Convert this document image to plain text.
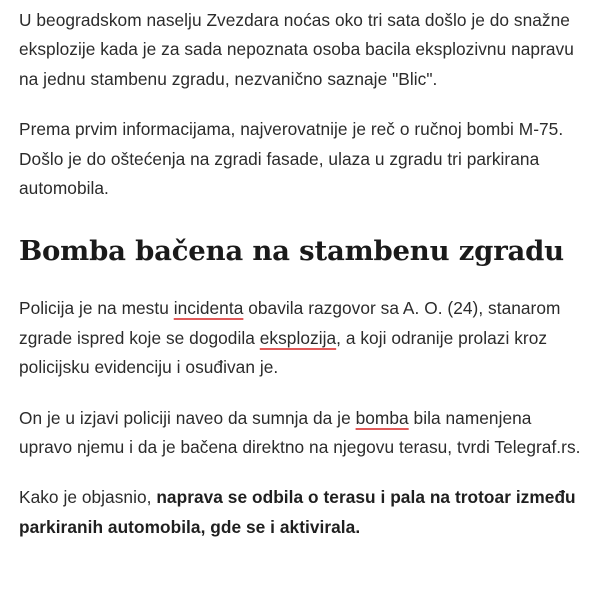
U beogradskom naselju Zvezdara noćas oko tri sata došlo je do snažne eksplozije kada je za sada nepoznata osoba bacila eksplozivnu napravu na jednu stambenu zgradu, nezvanično saznaje "Blic".

Prema prvim informacijama, najverovatnije je reč o ručnoj bombi M-75. Došlo je do oštećenja na zgradi fasade, ulaza u zgradu tri parkirana automobila.

Bomba bačena na stambenu zgradu

Policija je na mestu incidenta obavila razgovor sa A. O. (24), stanarom zgrade ispred koje se dogodila eksplozija, a koji odranije prolazi kroz policijsku evidenciju i osuđivan je.

On je u izjavi policiji naveo da sumnja da je bomba bila namenjena upravo njemu i da je bačena direktno na njegovu terasu, tvrdi Telegraf.rs.

Kako je objasnio, naprava se odbila o terasu i pala na trotoar između parkiranih automobila, gde se i aktivirala.
